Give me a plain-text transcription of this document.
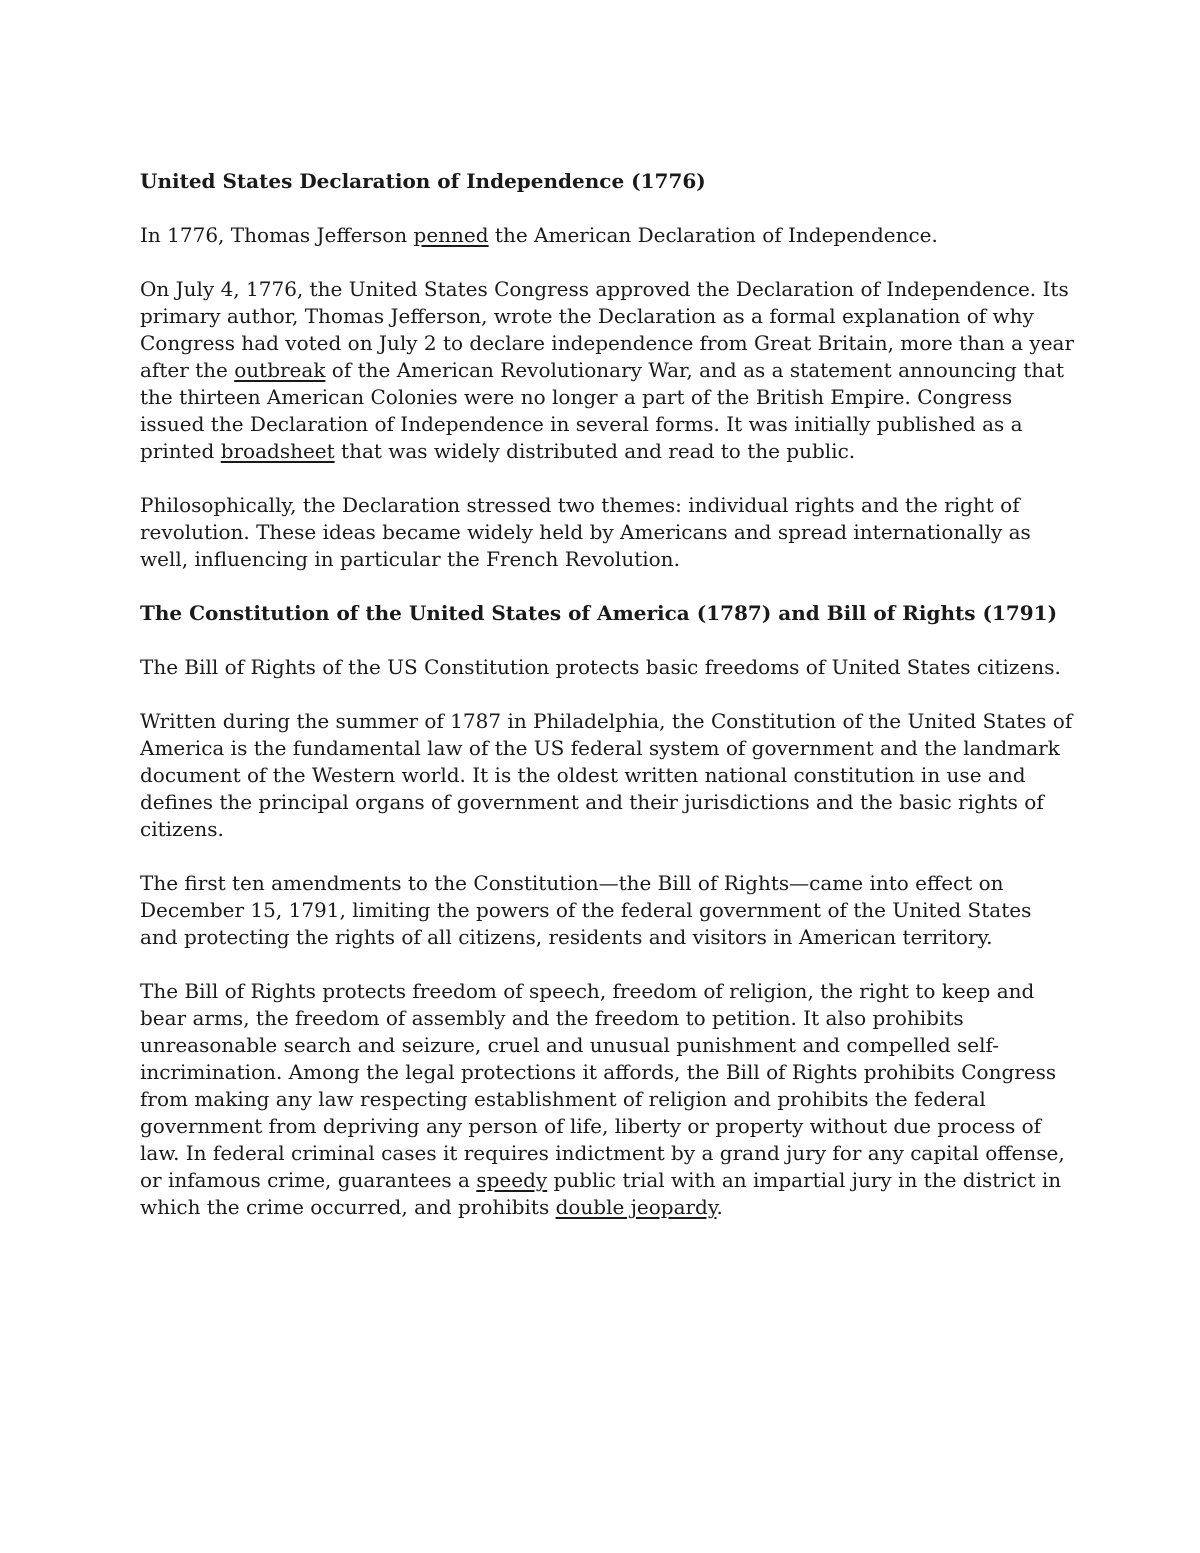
United States Declaration of Independence (1776)

In 1776, Thomas Jefferson penned the American Declaration of Independence.

On July 4, 1776, the United States Congress approved the Declaration of Independence. Its primary author, Thomas Jefferson, wrote the Declaration as a formal explanation of why Congress had voted on July 2 to declare independence from Great Britain, more than a year after the outbreak of the American Revolutionary War, and as a statement announcing that the thirteen American Colonies were no longer a part of the British Empire. Congress issued the Declaration of Independence in several forms. It was initially published as a printed broadsheet that was widely distributed and read to the public.

Philosophically, the Declaration stressed two themes: individual rights and the right of revolution. These ideas became widely held by Americans and spread internationally as well, influencing in particular the French Revolution.

The Constitution of the United States of America (1787) and Bill of Rights (1791)

The Bill of Rights of the US Constitution protects basic freedoms of United States citizens.

Written during the summer of 1787 in Philadelphia, the Constitution of the United States of America is the fundamental law of the US federal system of government and the landmark document of the Western world. It is the oldest written national constitution in use and defines the principal organs of government and their jurisdictions and the basic rights of citizens.

The first ten amendments to the Constitution—the Bill of Rights—came into effect on December 15, 1791, limiting the powers of the federal government of the United States and protecting the rights of all citizens, residents and visitors in American territory.

The Bill of Rights protects freedom of speech, freedom of religion, the right to keep and bear arms, the freedom of assembly and the freedom to petition. It also prohibits unreasonable search and seizure, cruel and unusual punishment and compelled self-incrimination. Among the legal protections it affords, the Bill of Rights prohibits Congress from making any law respecting establishment of religion and prohibits the federal government from depriving any person of life, liberty or property without due process of law. In federal criminal cases it requires indictment by a grand jury for any capital offense, or infamous crime, guarantees a speedy public trial with an impartial jury in the district in which the crime occurred, and prohibits double jeopardy.
